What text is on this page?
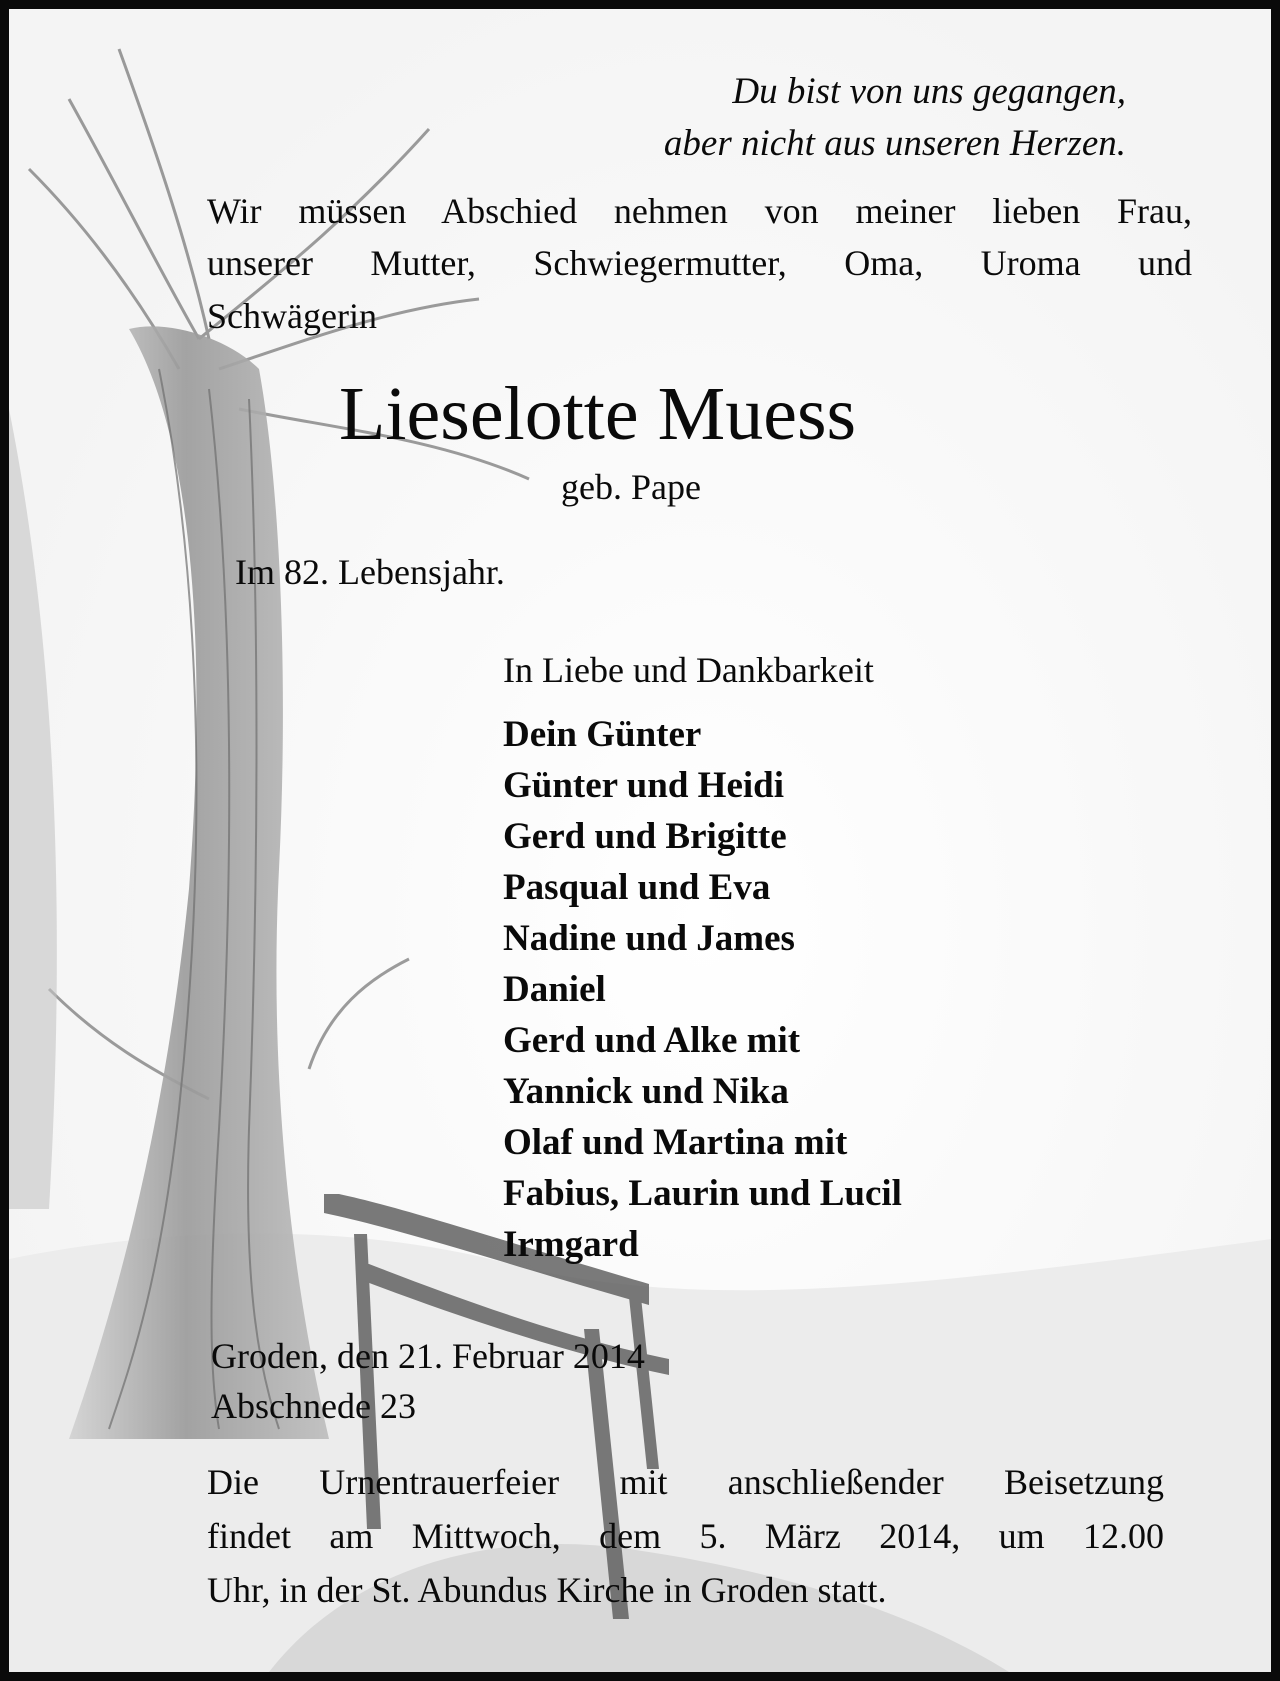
Du bist von uns gegangen,
aber nicht aus unseren Herzen.
Wir müssen Abschied nehmen von meiner lieben Frau,
unserer Mutter, Schwiegermutter, Oma, Uroma und
Schwägerin
Lieselotte Muess
geb. Pape
Im 82. Lebensjahr.
In Liebe und Dankbarkeit
Dein Günter
Günter und Heidi
Gerd und Brigitte
Pasqual und Eva
Nadine und James
Daniel
Gerd und Alke mit
Yannick und Nika
Olaf und Martina mit
Fabius, Laurin und Lucil
Irmgard
Groden, den 21. Februar 2014
Abschnede 23
Die Urnentrauerfeier mit anschließender Beisetzung
findet am Mittwoch, dem 5. März 2014, um 12.00
Uhr, in der St. Abundus Kirche in Groden statt.
